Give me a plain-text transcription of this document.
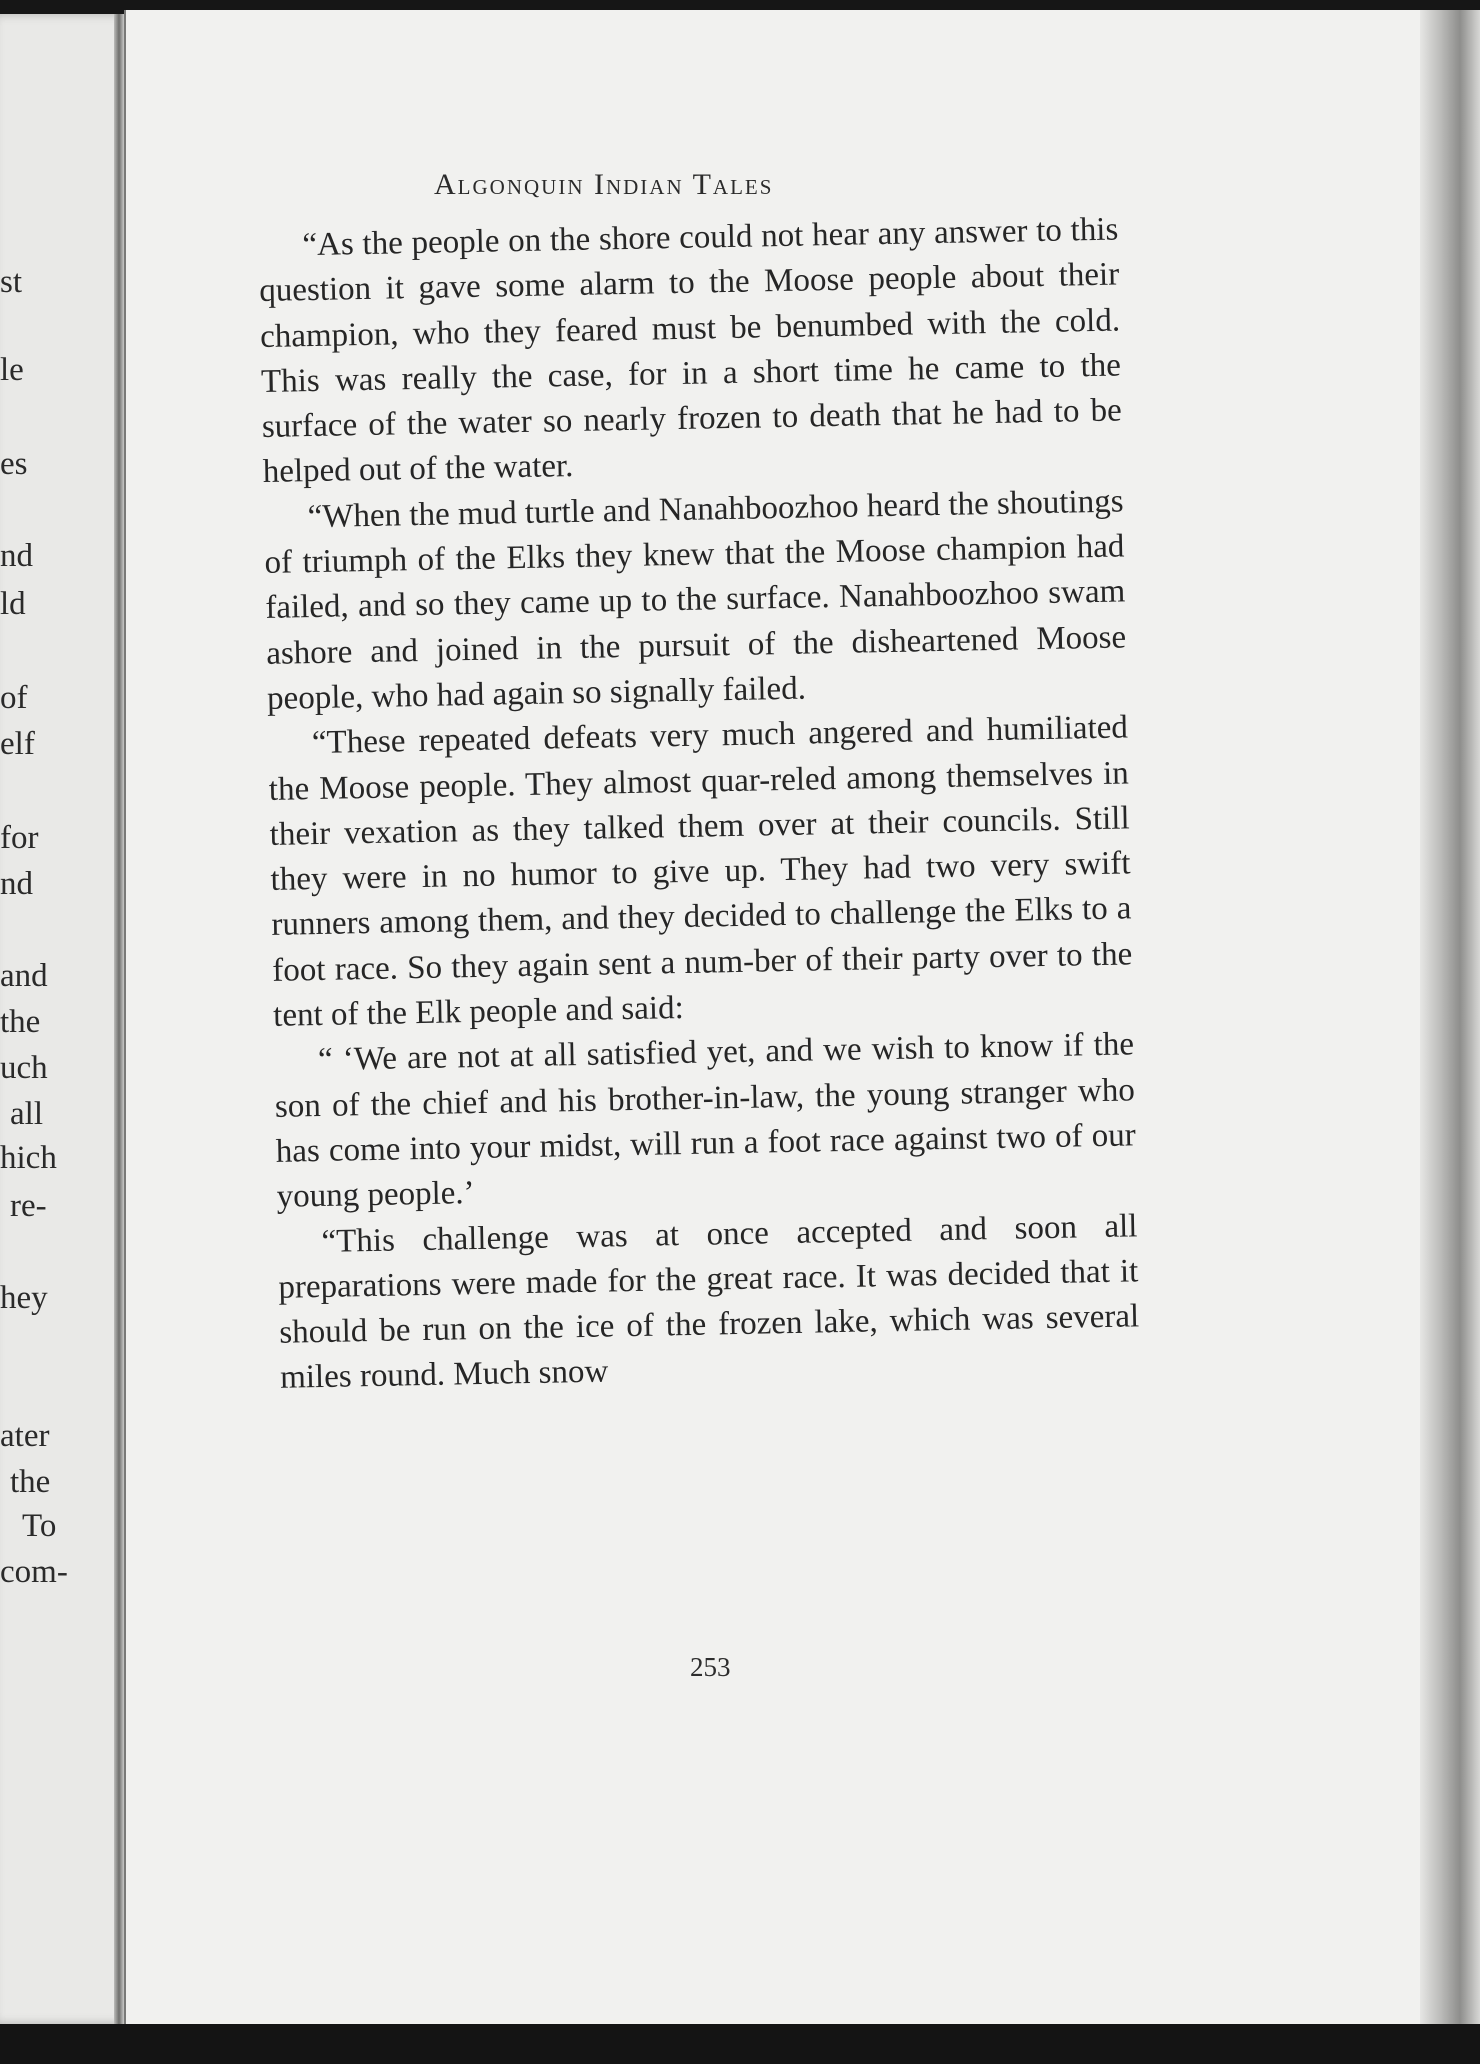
st
le
es
nd
ld
of
elf
for
nd
and
the
uch
all
hich
re-
hey
ater
the
To
com-
Algonquin Indian Tales

“As the people on the shore could not hear any answer to this question it gave some alarm to the Moose people about their champion, who they feared must be benumbed with the cold. This was really the case, for in a short time he came to the surface of the water so nearly frozen to death that he had to be helped out of the water.

“When the mud turtle and Nanahboozhoo heard the shoutings of triumph of the Elks they knew that the Moose champion had failed, and so they came up to the surface. Nanahboozhoo swam ashore and joined in the pursuit of the disheartened Moose people, who had again so signally failed.

“These repeated defeats very much angered and humiliated the Moose people. They almost quar-reled among themselves in their vexation as they talked them over at their councils. Still they were in no humor to give up. They had two very swift runners among them, and they decided to challenge the Elks to a foot race. So they again sent a num-ber of their party over to the tent of the Elk people and said:

“ ‘We are not at all satisfied yet, and we wish to know if the son of the chief and his brother-in-law, the young stranger who has come into your midst, will run a foot race against two of our young people.’

“This challenge was at once accepted and soon all preparations were made for the great race. It was decided that it should be run on the ice of the frozen lake, which was several miles round. Much snow

253
